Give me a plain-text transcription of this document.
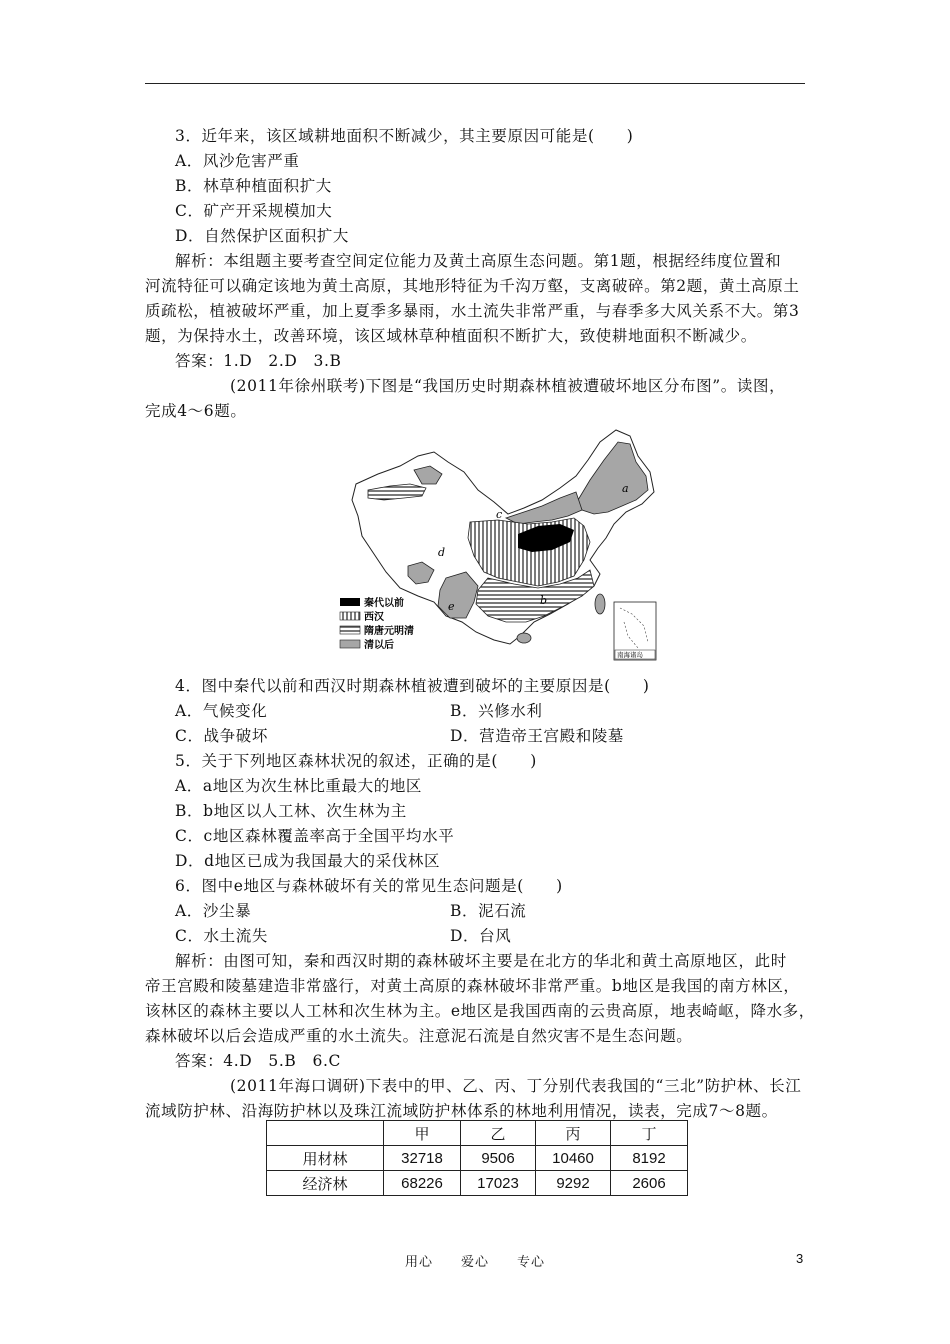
3．近年来，该区域耕地面积不断减少，其主要原因可能是(　　)
A．风沙危害严重
B．林草种植面积扩大
C．矿产开采规模加大
D．自然保护区面积扩大
解析：本组题主要考查空间定位能力及黄土高原生态问题。第1题，根据经纬度位置和
河流特征可以确定该地为黄土高原，其地形特征为千沟万壑，支离破碎。第2题，黄土高原土
质疏松，植被破坏严重，加上夏季多暴雨，水土流失非常严重，与春季多大风关系不大。第3
题，为保持水土，改善环境，该区域林草种植面积不断扩大，致使耕地面积不断减少。
答案：1.D　2.D　3.B
(2011年徐州联考)下图是“我国历史时期森林植被遭破坏地区分布图”。读图，
完成4～6题。
a
b
c
d
e
秦代以前
西汉
隋唐元明清
清以后
南海诸岛
4．图中秦代以前和西汉时期森林植被遭到破坏的主要原因是(　　)
A．气候变化	B．兴修水利
C．战争破坏	D．营造帝王宫殿和陵墓
5．关于下列地区森林状况的叙述，正确的是(　　)
A．a地区为次生林比重最大的地区
B．b地区以人工林、次生林为主
C．c地区森林覆盖率高于全国平均水平
D．d地区已成为我国最大的采伐林区
6．图中e地区与森林破坏有关的常见生态问题是(　　)
A．沙尘暴	B．泥石流
C．水土流失	D．台风
解析：由图可知，秦和西汉时期的森林破坏主要是在北方的华北和黄土高原地区，此时
帝王宫殿和陵墓建造非常盛行，对黄土高原的森林破坏非常严重。b地区是我国的南方林区，
该林区的森林主要以人工林和次生林为主。e地区是我国西南的云贵高原，地表崎岖，降水多，
森林破坏以后会造成严重的水土流失。注意泥石流是自然灾害不是生态问题。
答案：4.D　5.B　6.C
(2011年海口调研)下表中的甲、乙、丙、丁分别代表我国的“三北”防护林、长江
流域防护林、沿海防护林以及珠江流域防护林体系的林地利用情况，读表，完成7～8题。
	甲	乙	丙	丁
用材林	32718	9506	10460	8192
经济林	68226	17023	9292	2606
用心　　爱心　　专心	3
